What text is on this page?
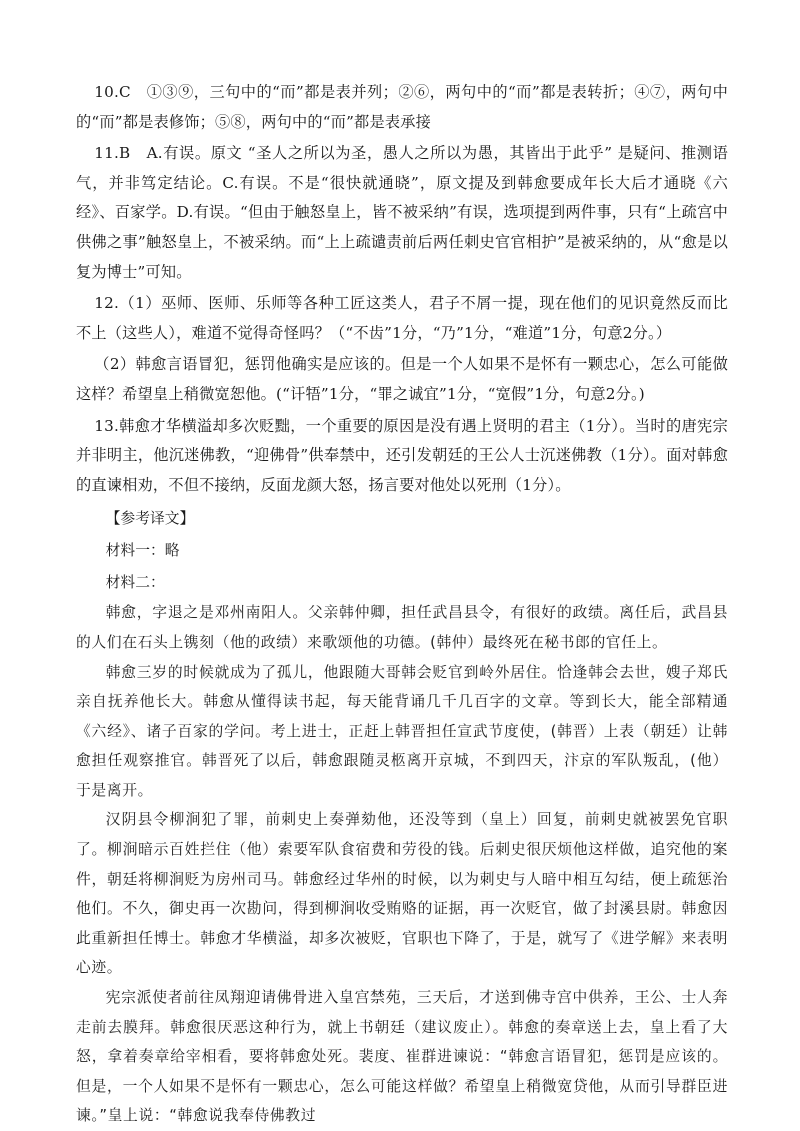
10.C　①③⑨，三句中的“而”都是表并列；②⑥，两句中的“而”都是表转折；④⑦，两句中的“而”都是表修饰；⑤⑧，两句中的“而”都是表承接

11.B　A.有误。原文 “圣人之所以为圣，愚人之所以为愚，其皆出于此乎” 是疑问、推测语气，并非笃定结论。C.有误。不是“很快就通晓”，原文提及到韩愈要成年长大后才通晓《六经》、百家学。D.有误。“但由于触怒皇上，皆不被采纳”有误，选项提到两件事，只有“上疏宫中供佛之事”触怒皇上，不被采纳。而“上上疏谴责前后两任刺史官官相护”是被采纳的，从“愈是以复为博士”可知。

12.（1）巫师、医师、乐师等各种工匠这类人，君子不屑一提，现在他们的见识竟然反而比不上（这些人），难道不觉得奇怪吗？（“不齿”1分，“乃”1分，“难道”1分，句意2分。）

（2）韩愈言语冒犯，惩罚他确实是应该的。但是一个人如果不是怀有一颗忠心，怎么可能做这样？希望皇上稍微宽恕他。(“讦牾”1分，“罪之诚宜”1分，“宽假”1分，句意2分。)

13.韩愈才华横溢却多次贬黜，一个重要的原因是没有遇上贤明的君主（1分）。当时的唐宪宗并非明主，他沉迷佛教，“迎佛骨”供奉禁中，还引发朝廷的王公人士沉迷佛教（1分）。面对韩愈的直谏相劝，不但不接纳，反面龙颜大怒，扬言要对他处以死刑（1分）。

【参考译文】

材料一：略

材料二：

韩愈，字退之是邓州南阳人。父亲韩仲卿，担任武昌县令，有很好的政绩。离任后，武昌县的人们在石头上镌刻（他的政绩）来歌颂他的功德。(韩仲）最终死在秘书郎的官任上。

韩愈三岁的时候就成为了孤儿，他跟随大哥韩会贬官到岭外居住。恰逢韩会去世，嫂子郑氏亲自抚养他长大。韩愈从懂得读书起，每天能背诵几千几百字的文章。等到长大，能全部精通《六经》、诸子百家的学问。考上进士，正赶上韩晋担任宣武节度使，(韩晋）上表（朝廷）让韩愈担任观察推官。韩晋死了以后，韩愈跟随灵柩离开京城，不到四天，汴京的军队叛乱，(他）于是离开。

汉阴县令柳涧犯了罪，前刺史上奏弹劾他，还没等到（皇上）回复，前刺史就被罢免官职了。柳涧暗示百姓拦住（他）索要军队食宿费和劳役的钱。后刺史很厌烦他这样做，追究他的案件，朝廷将柳涧贬为房州司马。韩愈经过华州的时候，以为刺史与人暗中相互勾结，便上疏惩治他们。不久，御史再一次勘问，得到柳涧收受贿赂的证据，再一次贬官，做了封溪县尉。韩愈因此重新担任博士。韩愈才华横溢，却多次被贬，官职也下降了，于是，就写了《进学解》来表明心迹。

宪宗派使者前往凤翔迎请佛骨进入皇宫禁苑，三天后，才送到佛寺宫中供养，王公、士人奔走前去膜拜。韩愈很厌恶这种行为，就上书朝廷（建议废止）。韩愈的奏章送上去，皇上看了大怒，拿着奏章给宰相看，要将韩愈处死。裴度、崔群进谏说：“韩愈言语冒犯，惩罚是应该的。但是，一个人如果不是怀有一颗忠心，怎么可能这样做？希望皇上稍微宽贷他，从而引导群臣进谏。”皇上说：“韩愈说我奉侍佛教过
